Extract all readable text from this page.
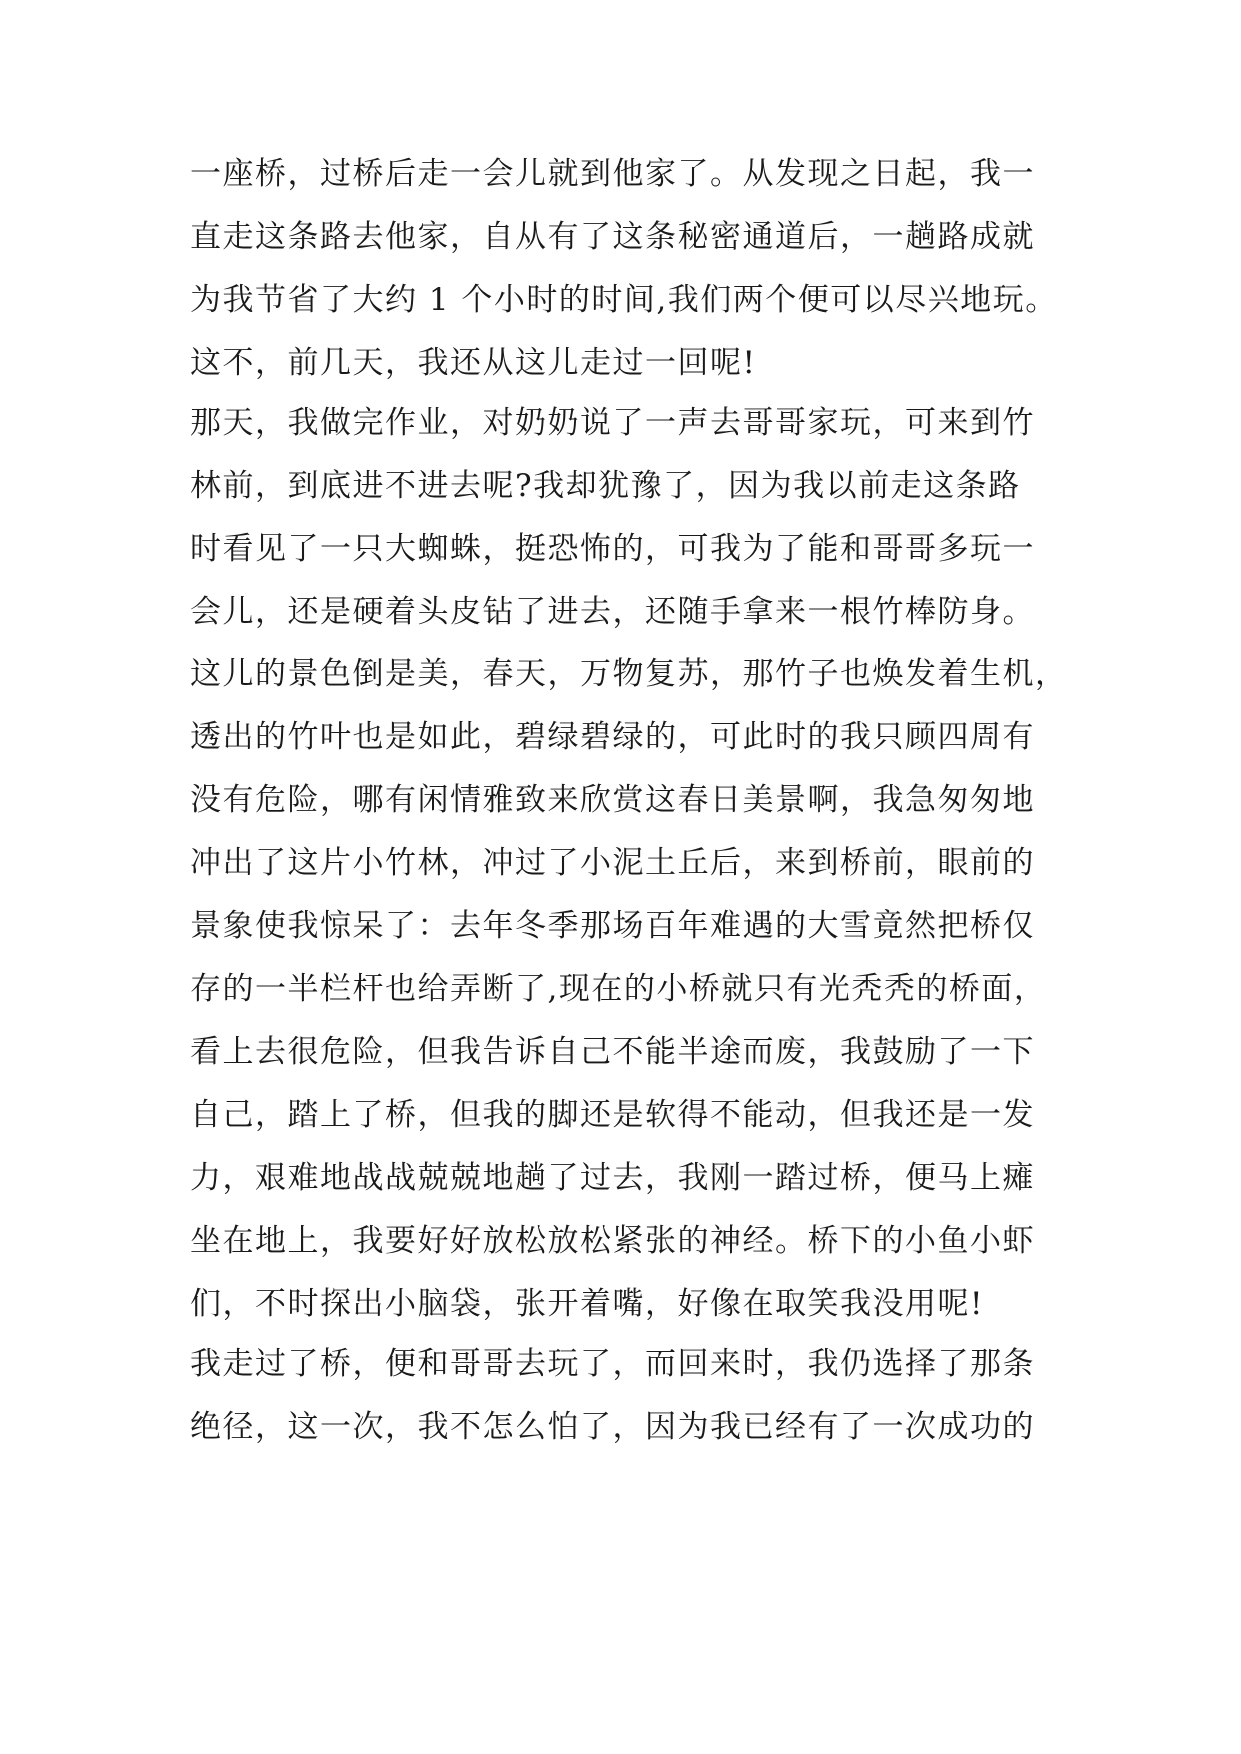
一座桥，过桥后走一会儿就到他家了。从发现之日起，我一
直走这条路去他家，自从有了这条秘密通道后，一趟路成就
为我节省了大约 1 个小时的时间,我们两个便可以尽兴地玩。
这不，前几天，我还从这儿走过一回呢!
那天，我做完作业，对奶奶说了一声去哥哥家玩，可来到竹
林前，到底进不进去呢?我却犹豫了，因为我以前走这条路
时看见了一只大蜘蛛，挺恐怖的，可我为了能和哥哥多玩一
会儿，还是硬着头皮钻了进去，还随手拿来一根竹棒防身。
这儿的景色倒是美，春天，万物复苏，那竹子也焕发着生机，
透出的竹叶也是如此，碧绿碧绿的，可此时的我只顾四周有
没有危险，哪有闲情雅致来欣赏这春日美景啊，我急匆匆地
冲出了这片小竹林，冲过了小泥土丘后，来到桥前，眼前的
景象使我惊呆了：去年冬季那场百年难遇的大雪竟然把桥仅
存的一半栏杆也给弄断了,现在的小桥就只有光秃秃的桥面，
看上去很危险，但我告诉自己不能半途而废，我鼓励了一下
自己，踏上了桥，但我的脚还是软得不能动，但我还是一发
力，艰难地战战兢兢地趟了过去，我刚一踏过桥，便马上瘫
坐在地上，我要好好放松放松紧张的神经。桥下的小鱼小虾
们，不时探出小脑袋，张开着嘴，好像在取笑我没用呢!
我走过了桥，便和哥哥去玩了，而回来时，我仍选择了那条
绝径，这一次，我不怎么怕了，因为我已经有了一次成功的
